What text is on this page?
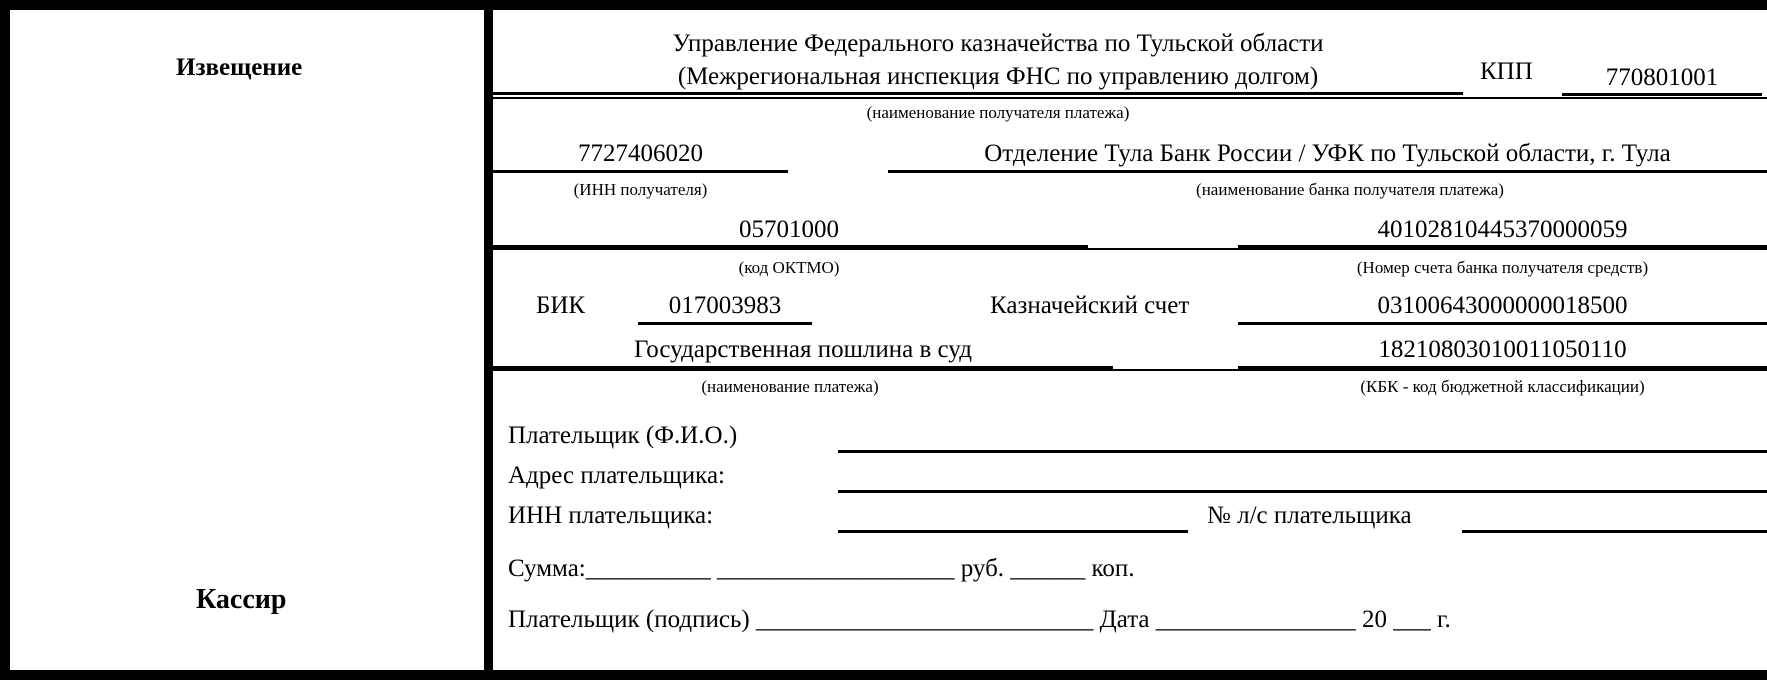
Извещение
Кассир
Управление Федерального казначейства по Тульской области
(Межрегиональная инспекция ФНС по управлению долгом)	КПП	770801001
(наименование получателя платежа)
7727406020
(ИНН получателя)
Отделение Тула Банк России / УФК по Тульской области, г. Тула
(наименование банка получателя платежа)
05701000
(код ОКТМО)
40102810445370000059
(Номер счета банка получателя средств)
БИК	017003983	Казначейский счет	03100643000000018500
Государственная пошлина в суд
(наименование платежа)
18210803010011050110
(КБК - код бюджетной классификации)
Плательщик (Ф.И.О.)
Адрес плательщика:
ИНН плательщика:	№ л/с плательщика
Сумма:__________ ___________________ руб. ______ коп.
Плательщик (подпись) ___________________________ Дата ________________ 20 ___ г.
